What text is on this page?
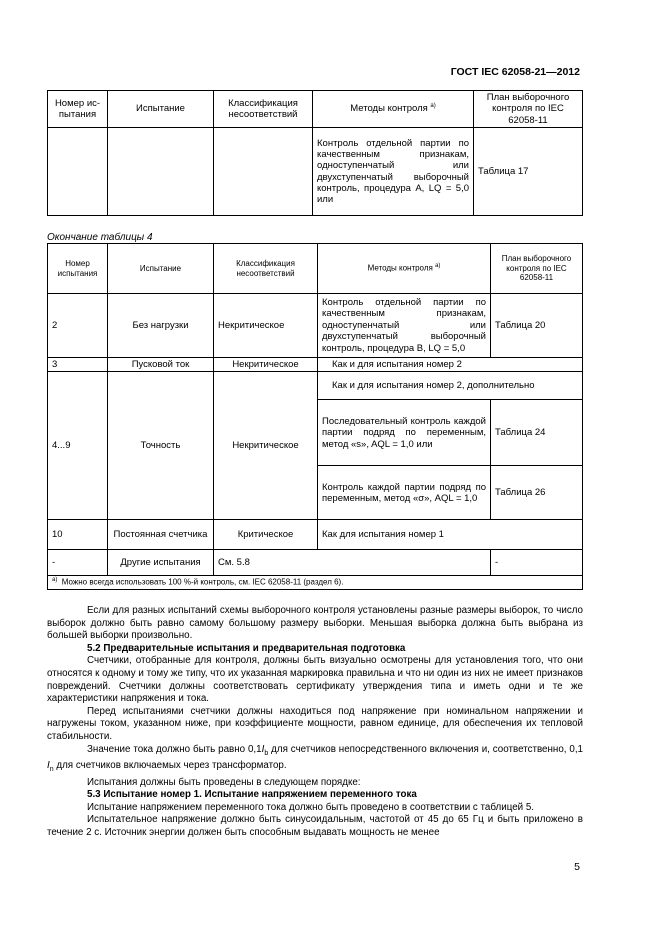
ГОСТ IEC 62058-21—2012
Номер ис-пытания	Испытание	Классификация несоответствий	Методы контроля $^{а)}$	План выборочного контроля по IEC 62058-11
			Контроль отдельной партии по качественным признакам, одноступенчатый или двухступенчатый выборочный контроль, процедура А, LQ = 5,0 или	Таблица 17
Окончание таблицы 4
Номер испытания	Испытание	Классификация несоответствий	Методы контроля $^{а)}$	План выборочного контроля по IEC 62058-11
2	Без нагрузки	Некритическое	Контроль отдельной партии по качественным признакам, одноступенчатый или двухступенчатый выборочный контроль, процедура В, LQ = 5,0	Таблица 20
3	Пусковой ток	Некритическое	Как и для испытания номер 2	
4...9	Точность	Некритическое	Как и для испытания номер 2, дополнительно	
			Последовательный контроль каждой партии подряд по переменным, метод «s», AQL = 1,0 или	Таблица 24
			Контроль каждой партии подряд по переменным, метод «σ», AQL = 1,0	Таблица 26
10	Постоянная счетчика	Критическое	Как для испытания номер 1	
-	Другие испытания	См. 5.8		-
$^{а)}$ Можно всегда использовать 100 %-й контроль, см. IEC 62058-11 (раздел 6).				

Если для разных испытаний схемы выборочного контроля установлены разные размеры выборок, то число выборок должно быть равно самому большому размеру выборки. Меньшая выборка должна быть выбрана из большей выборки произвольно.

5.2 Предварительные испытания и предварительная подготовка

Счетчики, отобранные для контроля, должны быть визуально осмотрены для установления того, что они относятся к одному и тому же типу, что их указанная маркировка правильна и что ни один из них не имеет признаков повреждений. Счетчики должны соответствовать сертификату утверждения типа и иметь одни и те же характеристики напряжения и тока.

Перед испытаниями счетчики должны находиться под напряжение при номинальном напряжении и нагружены током, указанном ниже, при коэффициенте мощности, равном единице, для обеспечения их тепловой стабильности.

Значение тока должно быть равно $0,1I_b$ для счетчиков непосредственного включения и, соответственно, 0,1 $I_n$ для счетчиков включаемых через трансформатор.

Испытания должны быть проведены в следующем порядке:

5.3 Испытание номер 1. Испытание напряжением переменного тока

Испытание напряжением переменного тока должно быть проведено в соответствии с таблицей 5.

Испытательное напряжение должно быть синусоидальным, частотой от 45 до 65 Гц и быть приложено в течение 2 с. Источник энергии должен быть способным выдавать мощность не менее

5
